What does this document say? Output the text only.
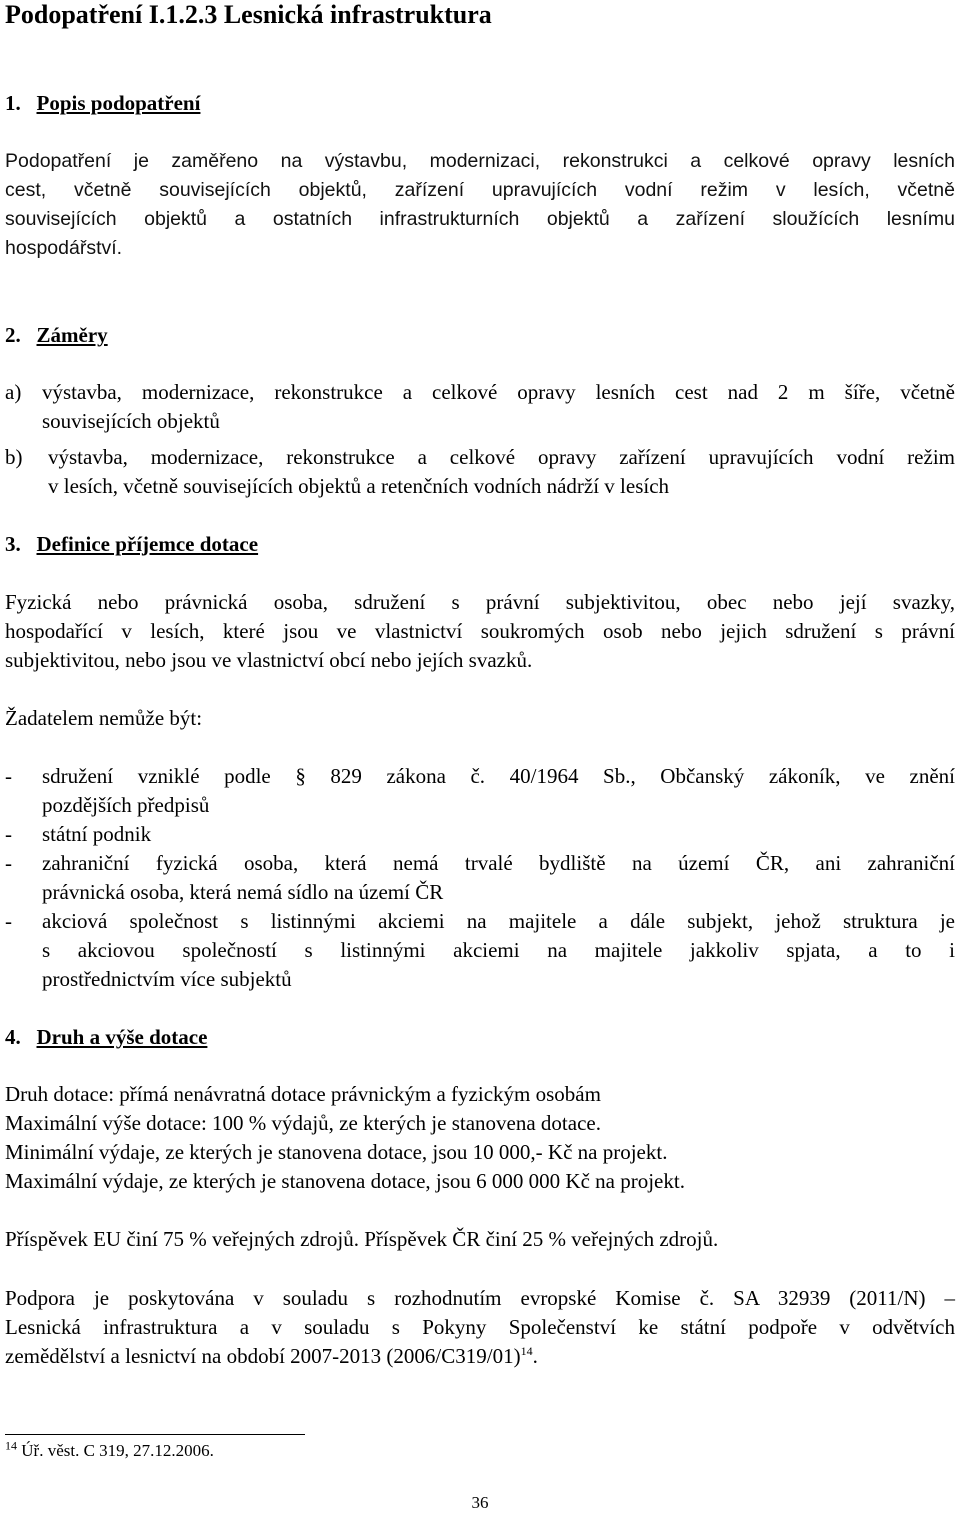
Podopatření I.1.2.3 Lesnická infrastruktura
1. Popis podopatření
Podopatření je zaměřeno na výstavbu, modernizaci, rekonstrukci a celkové opravy lesních
cest, včetně souvisejících objektů, zařízení upravujících vodní režim v lesích, včetně
souvisejících objektů a ostatních infrastrukturních objektů a zařízení sloužících lesnímu
hospodářství.
2. Záměry
a) výstavba, modernizace, rekonstrukce a celkové opravy lesních cest nad 2 m šíře, včetně
souvisejících objektů
b) výstavba, modernizace, rekonstrukce a celkové opravy zařízení upravujících vodní režim
v lesích, včetně souvisejících objektů a retenčních vodních nádrží v lesích
3. Definice příjemce dotace
Fyzická nebo právnická osoba, sdružení s právní subjektivitou, obec nebo její svazky,
hospodařící v lesích, které jsou ve vlastnictví soukromých osob nebo jejich sdružení s právní
subjektivitou, nebo jsou ve vlastnictví obcí nebo jejích svazků.
Žadatelem nemůže být:
- sdružení vzniklé podle § 829 zákona č. 40/1964 Sb., Občanský zákoník, ve znění
pozdějších předpisů
- státní podnik
- zahraniční fyzická osoba, která nemá trvalé bydliště na území ČR, ani zahraniční
právnická osoba, která nemá sídlo na území ČR
- akciová společnost s listinnými akciemi na majitele a dále subjekt, jehož struktura je
s akciovou společností s listinnými akciemi na majitele jakkoliv spjata, a to i
prostřednictvím více subjektů
4. Druh a výše dotace
Druh dotace: přímá nenávratná dotace právnickým a fyzickým osobám
Maximální výše dotace: 100 % výdajů, ze kterých je stanovena dotace.
Minimální výdaje, ze kterých je stanovena dotace, jsou 10 000,- Kč na projekt.
Maximální výdaje, ze kterých je stanovena dotace, jsou 6 000 000 Kč na projekt.
Příspěvek EU činí 75 % veřejných zdrojů. Příspěvek ČR činí 25 % veřejných zdrojů.
Podpora je poskytována v souladu s rozhodnutím evropské Komise č. SA 32939 (2011/N) –
Lesnická infrastruktura a v souladu s Pokyny Společenství ke státní podpoře v odvětvích
zemědělství a lesnictví na období 2007-2013 $(2006/C319/01)^{14}$.
$^{14}$ Úř. věst. C 319, 27.12.2006.
36
